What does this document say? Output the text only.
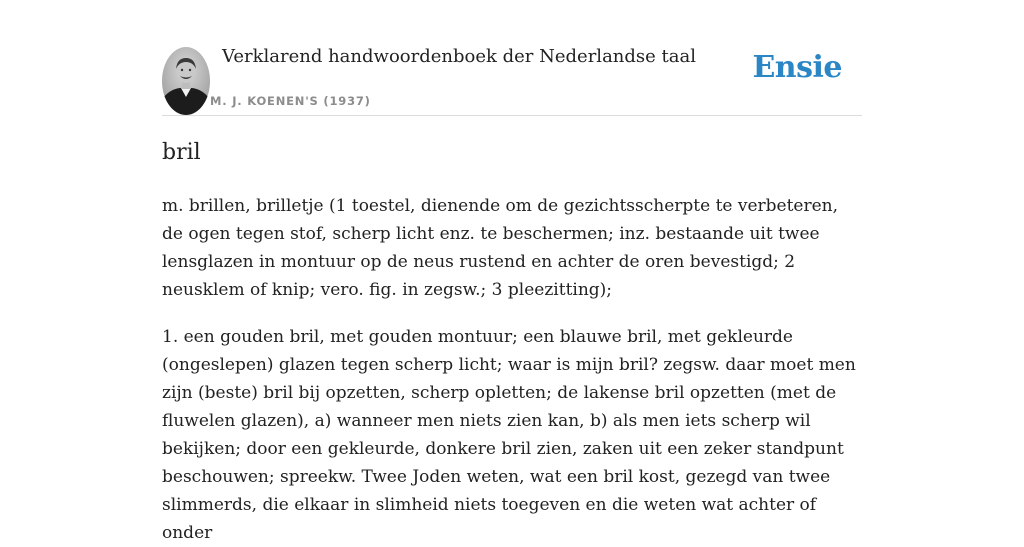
Verklarend handwoordenboek der Nederlandse taal
M. J. KOENEN'S (1937)
Ensie
bril

m. brillen, brilletje (1 toestel, dienende om de gezichtsscherpte te verbeteren, de ogen tegen stof, scherp licht enz. te beschermen; inz. bestaande uit twee lensglazen in montuur op de neus rustend en achter de oren bevestigd; 2 neusklem of knip; vero. fig. in zegsw.; 3 pleezitting);

1. een gouden bril, met gouden montuur; een blauwe bril, met gekleurde (ongeslepen) glazen tegen scherp licht; waar is mijn bril? zegsw. daar moet men zijn (beste) bril bij opzetten, scherp opletten; de lakense bril opzetten (met de fluwelen glazen), a) wanneer men niets zien kan, b) als men iets scherp wil bekijken; door een gekleurde, donkere bril zien, zaken uit een zeker standpunt beschouwen; spreekw. Twee Joden weten, wat een bril kost, gezegd van twee slimmerds, die elkaar in slimheid niets toegeven en die weten wat achter of onder
